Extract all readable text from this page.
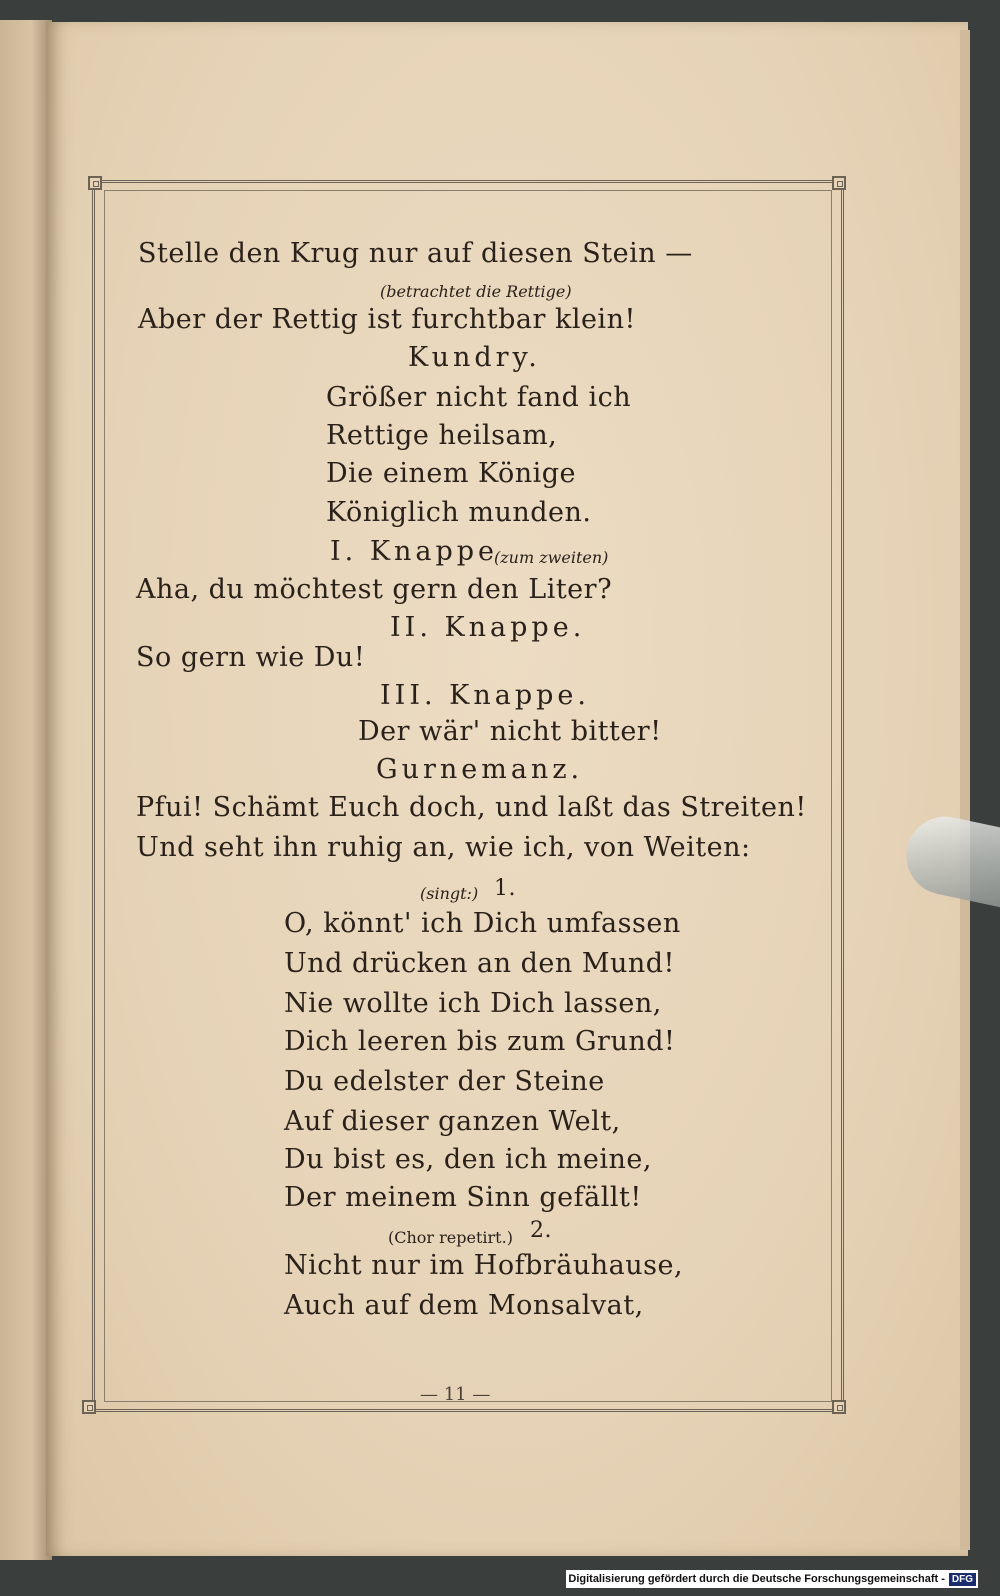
Stelle den Krug nur auf diesen Stein —
(betrachtet die Rettige)
Aber der Rettig ist furchtbar klein!
Kundry.
Größer nicht fand ich
Rettige heilsam,
Die einem Könige
Königlich munden.
I. Knappe
(zum zweiten)
Aha, du möchtest gern den Liter?
II. Knappe.
So gern wie Du!
III. Knappe.
Der wär' nicht bitter!
Gurnemanz.
Pfui! Schämt Euch doch, und laßt das Streiten!
Und seht ihn ruhig an, wie ich, von Weiten:
(singt:) 1.
O, könnt' ich Dich umfassen
Und drücken an den Mund!
Nie wollte ich Dich lassen,
Dich leeren bis zum Grund!
Du edelster der Steine
Auf dieser ganzen Welt,
Du bist es, den ich meine,
Der meinem Sinn gefällt!
(Chor repetirt.) 2.
Nicht nur im Hofbräuhause,
Auch auf dem Monsalvat,
— 11 —
Digitalisierung gefördert durch die Deutsche Forschungsgemeinschaft - DFG
